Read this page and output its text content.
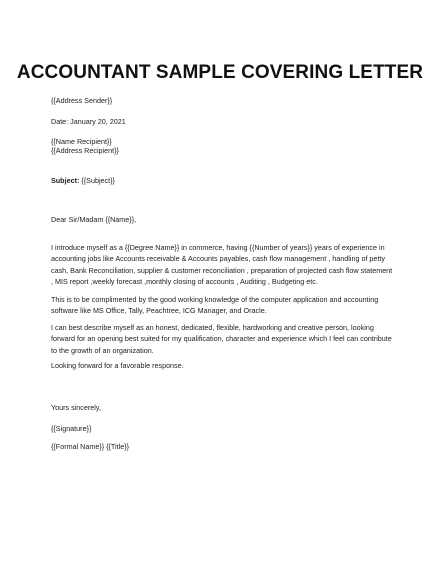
ACCOUNTANT SAMPLE COVERING LETTER
{{Address Sender}}
Date: January 20, 2021
{{Name Recipient}}
{{Address Recipient}}
Subject: {{Subject}}
Dear Sir/Madam {{Name}},
I introduce myself as a {{Degree Name}} in commerce, having {{Number of years}} years of experience in accounting jobs like Accounts receivable & Accounts payables, cash flow management , handling of petty cash, Bank Reconciliation, supplier & customer reconciliation , preparation of projected cash flow statement , MIS report ,weekly forecast ,monthly closing of accounts , Auditing , Budgeting etc.
This is to be complimented by the good working knowledge of the computer application and accounting software like MS Office, Tally, Peachtree, ICG Manager, and Oracle.
I can best describe myself as an honest, dedicated, flexible, hardworking and creative person, looking forward for an opening best suited for my qualification, character and experience which I feel can contribute to the growth of an organization.
Looking forward for a favorable response.
Yours sincerely,
{{Signature}}
{{Formal Name}} {{Title}}
